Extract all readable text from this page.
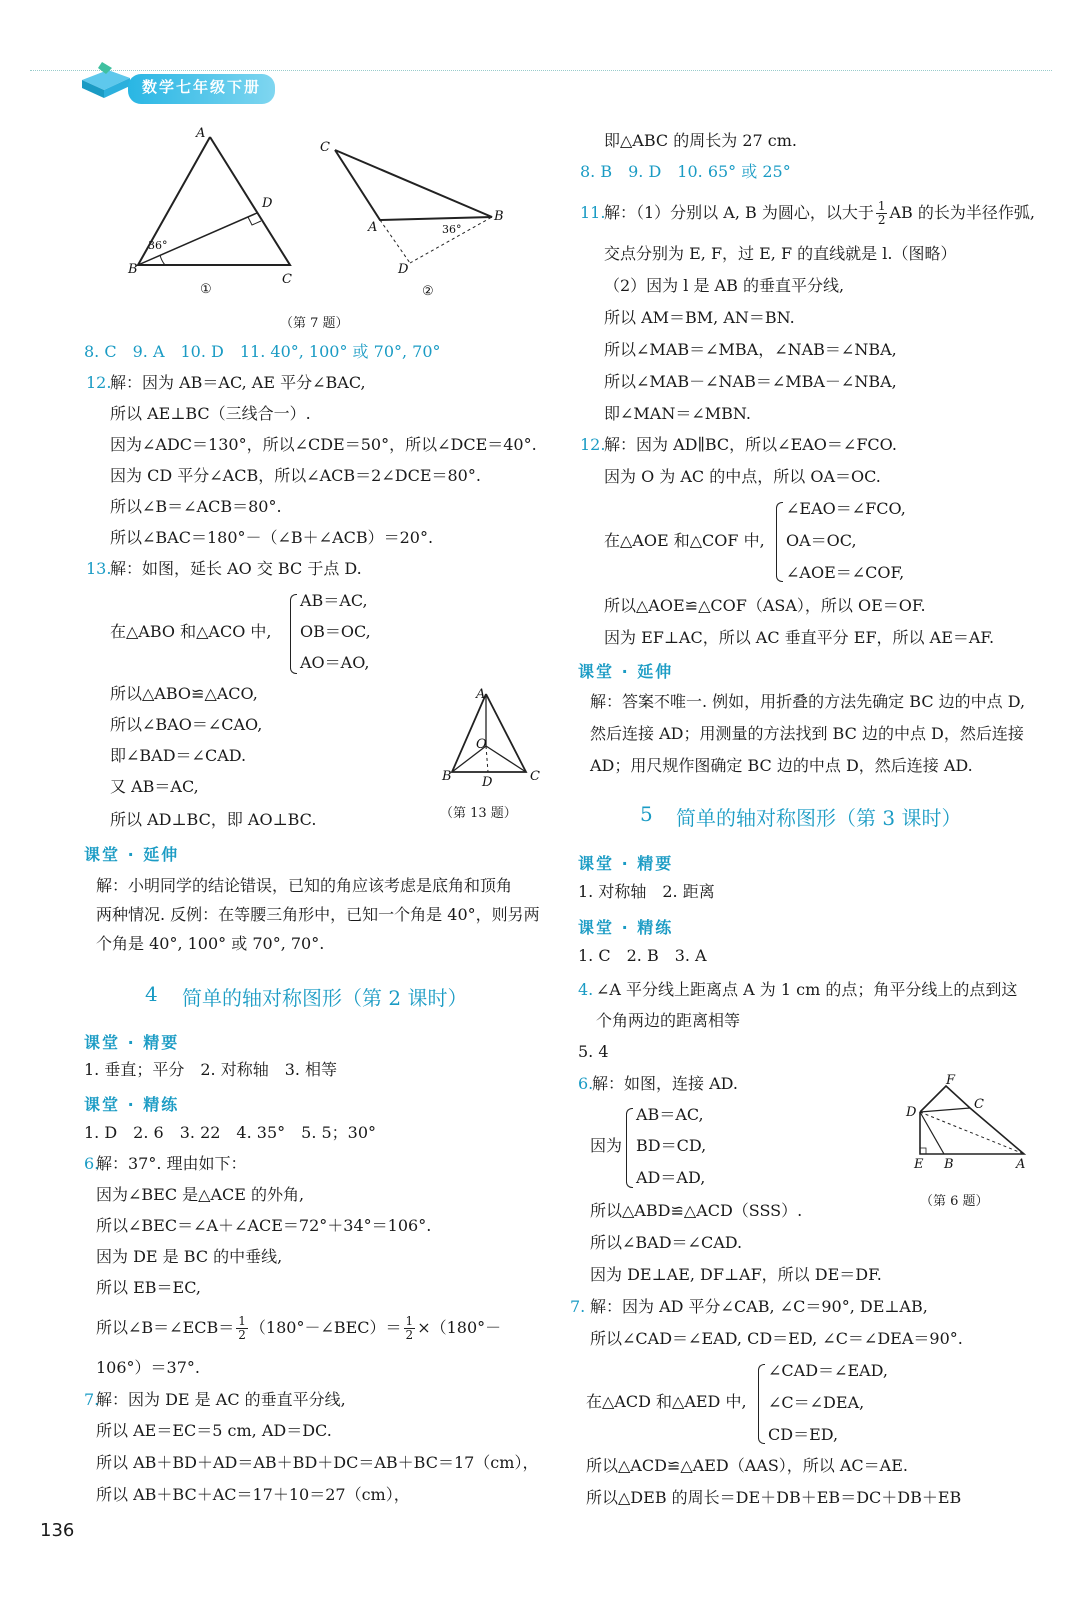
数学七年级下册
A
D
B
C
36°
①
C
B
A
D
36°
②
（第 7 题）
8. C　9. A　10. D　11. 40°, 100° 或 70°, 70°
12.
解：因为 AB＝AC, AE 平分∠BAC,
所以 AE⊥BC（三线合一）.
因为∠ADC＝130°，所以∠CDE＝50°，所以∠DCE＝40°.
因为 CD 平分∠ACB，所以∠ACB＝2∠DCE＝80°.
所以∠B＝∠ACB＝80°.
所以∠BAC＝180°－（∠B＋∠ACB）＝20°.
13.
解：如图，延长 AO 交 BC 于点 D.
在△ABO 和△ACO 中,
AB＝AC,
OB＝OC,
AO＝AO,
所以△ABO≌△ACO,
所以∠BAO＝∠CAO,
即∠BAD＝∠CAD.
又 AB＝AC,
所以 AD⊥BC，即 AO⊥BC.
A
O
B D	C
（第 13 题）
课堂 · 延伸
解：小明同学的结论错误，已知的角应该考虑是底角和顶角
两种情况. 反例：在等腰三角形中，已知一个角是 40°，则另两
个角是 40°, 100° 或 70°, 70°.
4 简单的轴对称图形（第 2 课时）
课堂 · 精要
1. 垂直；平分　2. 对称轴　3. 相等
课堂 · 精练
1. D　2. 6　3. 22　4. 35°　5. 5；30°
6.
解：37°. 理由如下：
因为∠BEC 是△ACE 的外角,
所以∠BEC＝∠A＋∠ACE＝72°＋34°＝106°.
因为 DE 是 BC 的中垂线,
所以 EB＝EC,
所以∠B＝∠ECB＝ $\frac{1}{2}$ （180°－∠BEC）＝ $\frac{1}{2} \times(180^\circ-$
106°）＝37°.
7.
解：因为 DE 是 AC 的垂直平分线,
所以 AE＝EC＝5 cm, AD＝DC.
所以 AB＋BD＋AD＝AB＋BD＋DC＝AB＋BC＝17（cm），
所以 AB＋BC＋AC＝17＋10＝27（cm），
136
即△ABC 的周长为 27 cm.
8. B　9. D　10. 65° 或 25°
11.
解：（1）分别以 A, B 为圆心，以大于 $\frac{1}{2}$ AB 的长为半径作弧,
交点分别为 E, F，过 E, F 的直线就是 l.（图略）
（2）因为 l 是 AB 的垂直平分线,
所以 AM＝BM, AN＝BN.
所以∠MAB＝∠MBA，∠NAB＝∠NBA,
所以∠MAB－∠NAB＝∠MBA－∠NBA,
即∠MAN＝∠MBN.
12.
解：因为 AD∥BC，所以∠EAO＝∠FCO.
因为 O 为 AC 的中点，所以 OA＝OC.
在△AOE 和△COF 中,
∠EAO＝∠FCO,
OA＝OC,
∠AOE＝∠COF,
所以△AOE≌△COF（ASA），所以 OE＝OF.
因为 EF⊥AC，所以 AC 垂直平分 EF，所以 AE＝AF.
课堂 · 延伸
解：答案不唯一. 例如，用折叠的方法先确定 BC 边的中点 D,
然后连接 AD；用测量的方法找到 BC 边的中点 D，然后连接
AD；用尺规作图确定 BC 边的中点 D，然后连接 AD.
5 简单的轴对称图形（第 3 课时）
课堂 · 精要
1. 对称轴　2. 距离
课堂 · 精练
1. C　2. B　3. A
4. ∠A 平分线上距离点 A 为 1 cm 的点；角平分线上的点到这
个角两边的距离相等
5. 4
6.
解：如图，连接 AD.
因为
AB＝AC,
BD＝CD,
AD＝AD,
所以△ABD≌△ACD（SSS）.
所以∠BAD＝∠CAD.
因为 DE⊥AE, DF⊥AF，所以 DE＝DF.
F
D
C
E B	A
（第 6 题）
7. 解：因为 AD 平分∠CAB, ∠C＝90°, DE⊥AB,
所以∠CAD＝∠EAD, CD＝ED, ∠C＝∠DEA＝90°.
在△ACD 和△AED 中,
∠CAD＝∠EAD,
∠C＝∠DEA,
CD＝ED,
所以△ACD≌△AED（AAS），所以 AC＝AE.
所以△DEB 的周长＝DE＋DB＋EB＝DC＋DB＋EB
